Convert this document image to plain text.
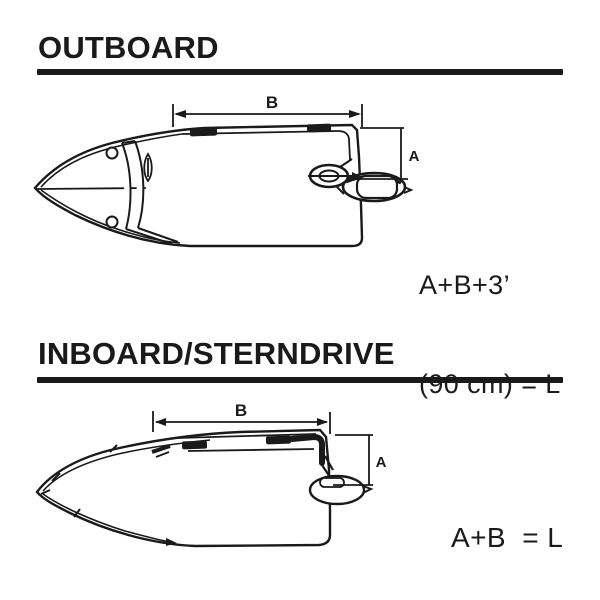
OUTBOARD
INBOARD/STERNDRIVE
A
B
A
B

A+B+3’

(90 cm) = L

A+B  = L
